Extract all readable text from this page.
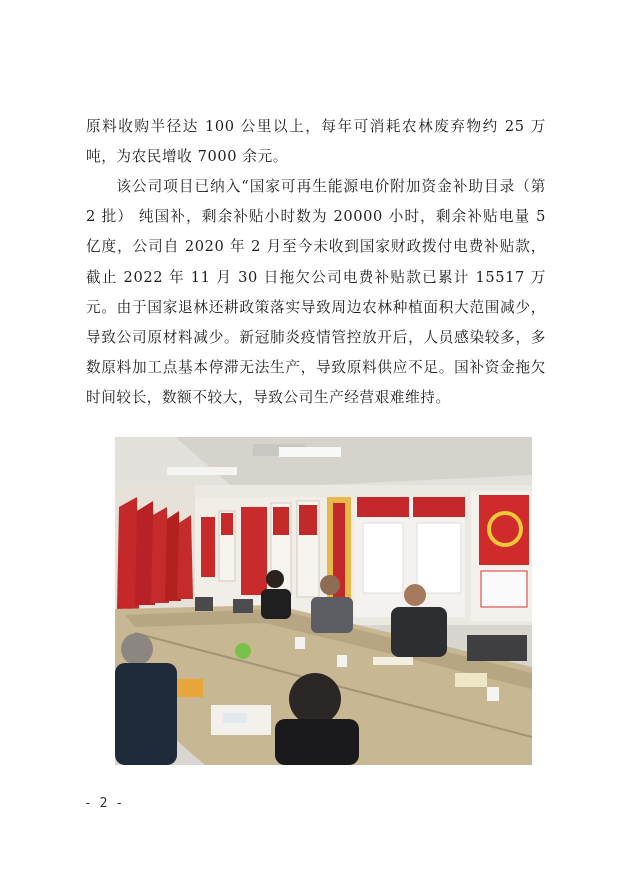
原料收购半径达 100 公里以上，每年可消耗农林废弃物约 25 万吨，为农民增收 7000 余元。

该公司项目已纳入“国家可再生能源电价附加资金补助目录（第 2 批） 纯国补，剩余补贴小时数为 20000 小时，剩余补贴电量 5 亿度，公司自 2020 年 2 月至今未收到国家财政拨付电费补贴款，截止 2022 年 11 月 30 日拖欠公司电费补贴款已累计 15517 万元。由于国家退林还耕政策落实导致周边农林种植面积大范围减少，导致公司原材料减少。新冠肺炎疫情管控放开后，人员感染较多，多数原料加工点基本停滞无法生产，导致原料供应不足。国补资金拖欠时间较长，数额不较大，导致公司生产经营艰难维持。

- 2 -
